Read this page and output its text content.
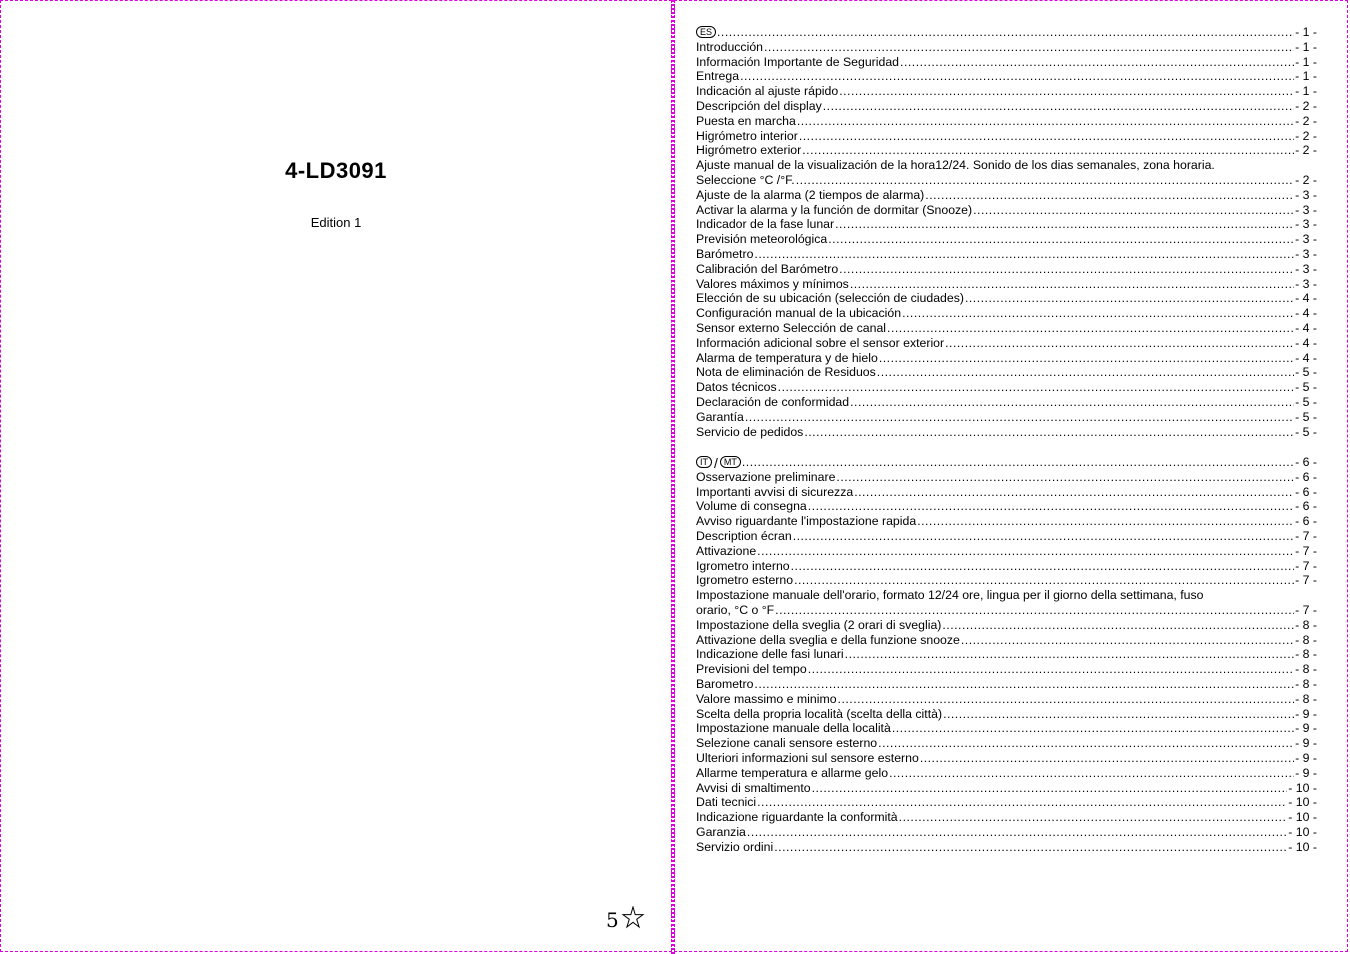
4-LD3091
Edition 1
5
ES .....	- 1 -
Introducción .....	- 1 -
Información Importante de Seguridad .....	- 1 -
Entrega .....	- 1 -
Indicación al ajuste rápido .....	- 1 -
Descripción del display .....	- 2 -
Puesta en marcha .....	- 2 -
Higrómetro interior .....	- 2 -
Higrómetro exterior .....	- 2 -
Ajuste manual de la visualización de la hora12/24. Sonido de los dias semanales, zona horaria.
Seleccione °C /°F. .....	- 2 -
Ajuste de la alarma (2 tiempos de alarma) .....	- 3 -
Activar la alarma y la función de dormitar (Snooze) .....	- 3 -
Indicador de la fase lunar .....	- 3 -
Previsión meteorológica .....	- 3 -
Barómetro .....	- 3 -
Calibración del Barómetro .....	- 3 -
Valores máximos y mínimos .....	- 3 -
Elección de su ubicación (selección de ciudades) .....	- 4 -
Configuración manual de la ubicación .....	- 4 -
Sensor externo Selección de canal .....	- 4 -
Información adicional sobre el sensor exterior .....	- 4 -
Alarma de temperatura y de hielo .....	- 4 -
Nota de eliminación de Residuos .....	- 5 -
Datos técnicos .....	- 5 -
Declaración de conformidad .....	- 5 -
Garantía .....	- 5 -
Servicio de pedidos .....	- 5 -
IT / MT .....	- 6 -
Osservazione preliminare .....	- 6 -
Importanti avvisi di sicurezza .....	- 6 -
Volume di consegna .....	- 6 -
Avviso riguardante l'impostazione rapida .....	- 6 -
Description écran .....	- 7 -
Attivazione .....	- 7 -
Igrometro interno .....	- 7 -
Igrometro esterno .....	- 7 -
Impostazione manuale dell'orario, formato 12/24 ore, lingua per il giorno della settimana, fuso
orario, °C o °F .....	- 7 -
Impostazione della sveglia (2 orari di sveglia) .....	- 8 -
Attivazione della sveglia e della funzione snooze .....	- 8 -
Indicazione delle fasi lunari .....	- 8 -
Previsioni del tempo .....	- 8 -
Barometro .....	- 8 -
Valore massimo e minimo .....	- 8 -
Scelta della propria località (scelta della città) .....	- 9 -
Impostazione manuale della località .....	- 9 -
Selezione canali sensore esterno .....	- 9 -
Ulteriori informazioni sul sensore esterno .....	- 9 -
Allarme temperatura e allarme gelo .....	- 9 -
Avvisi di smaltimento .....	- 10 -
Dati tecnici .....	- 10 -
Indicazione riguardante la conformità .....	- 10 -
Garanzia .....	- 10 -
Servizio ordini .....	- 10 -
